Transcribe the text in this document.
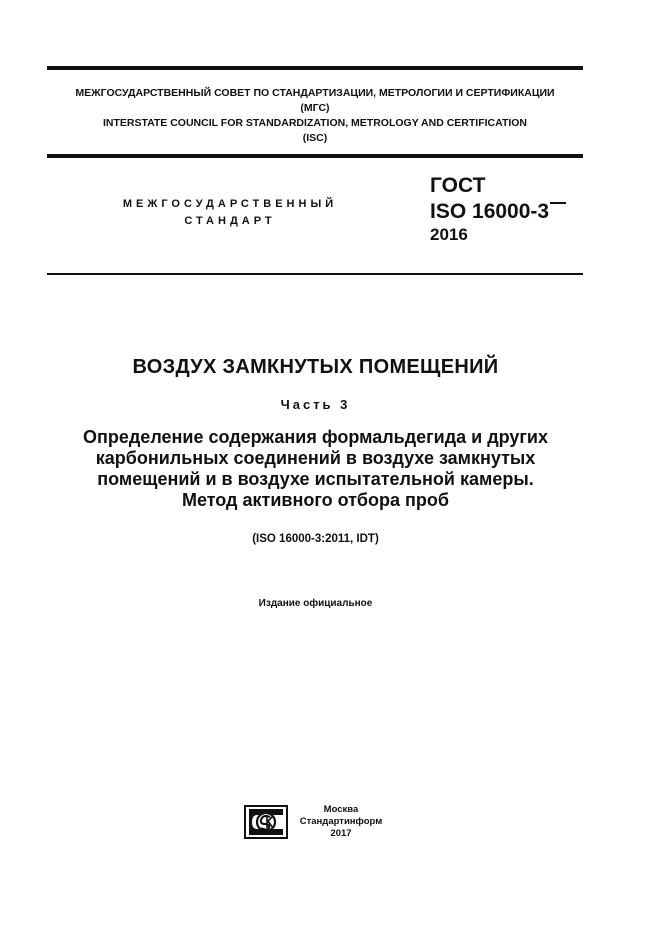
МЕЖГОСУДАРСТВЕННЫЙ СОВЕТ ПО СТАНДАРТИЗАЦИИ, МЕТРОЛОГИИ И СЕРТИФИКАЦИИ
(МГС)
INTERSTATE COUNCIL FOR STANDARDIZATION, METROLOGY AND CERTIFICATION
(ISC)
МЕЖГОСУДАРСТВЕННЫЙ
СТАНДАРТ
ГОСТ
ISO 16000-3
2016
ВОЗДУХ ЗАМКНУТЫХ ПОМЕЩЕНИЙ
Часть 3
Определение содержания формальдегида и других
карбонильных соединений в воздухе замкнутых
помещений и в воздухе испытательной камеры.
Метод активного отбора проб
(ISO 16000-3:2011, IDT)
Издание официальное
Москва
Стандартинформ
2017
